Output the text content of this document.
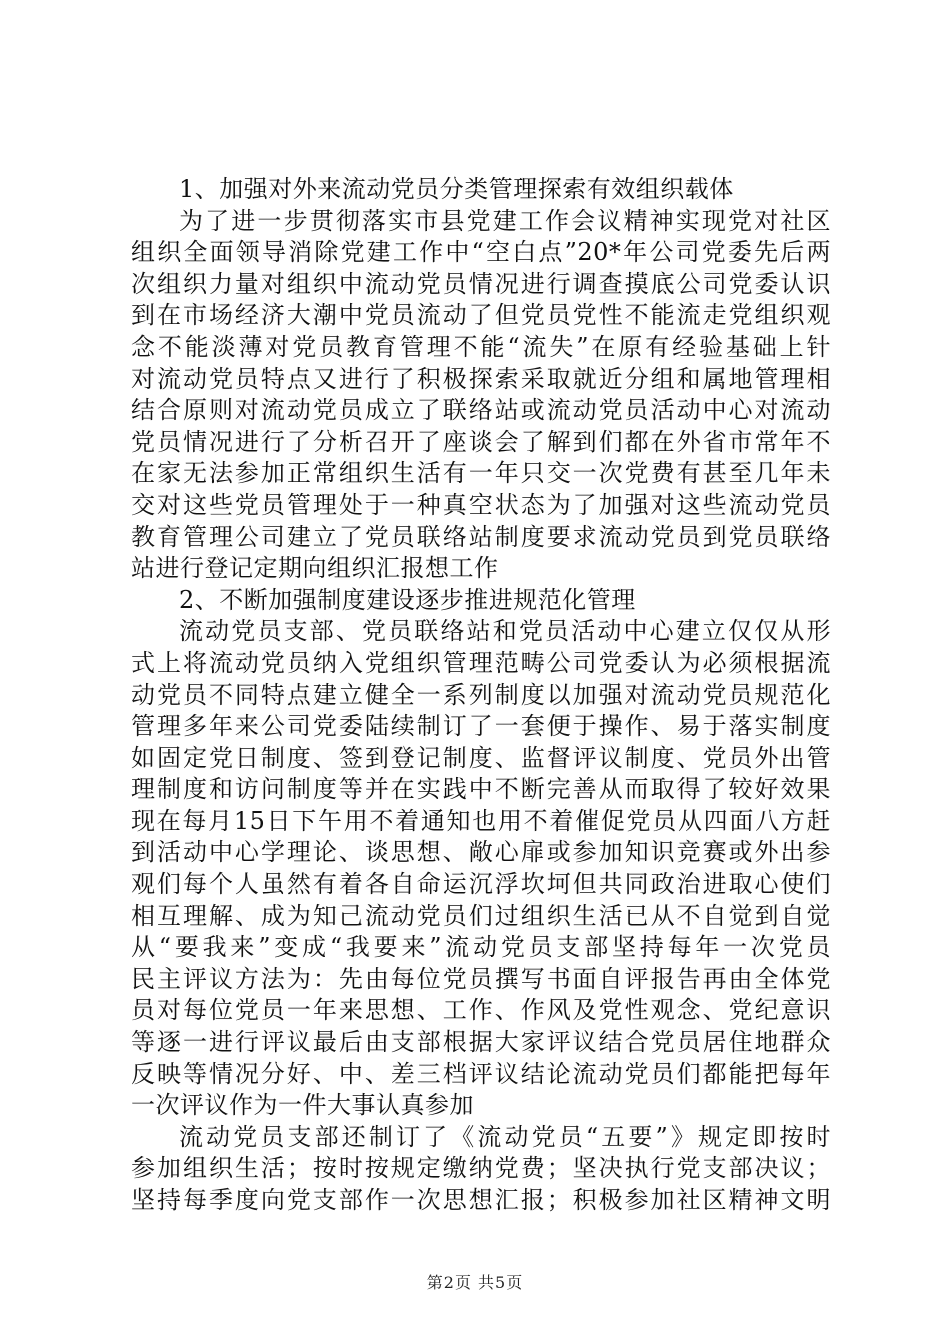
1、加强对外来流动党员分类管理探索有效组织载体
为了进一步贯彻落实市县党建工作会议精神实现党对社区
组织全面领导消除党建工作中“空白点”20*年公司党委先后两
次组织力量对组织中流动党员情况进行调查摸底公司党委认识
到在市场经济大潮中党员流动了但党员党性不能流走党组织观
念不能淡薄对党员教育管理不能“流失”在原有经验基础上针
对流动党员特点又进行了积极探索采取就近分组和属地管理相
结合原则对流动党员成立了联络站或流动党员活动中心对流动
党员情况进行了分析召开了座谈会了解到们都在外省市常年不
在家无法参加正常组织生活有一年只交一次党费有甚至几年未
交对这些党员管理处于一种真空状态为了加强对这些流动党员
教育管理公司建立了党员联络站制度要求流动党员到党员联络
站进行登记定期向组织汇报想工作
2、不断加强制度建设逐步推进规范化管理
流动党员支部、党员联络站和党员活动中心建立仅仅从形
式上将流动党员纳入党组织管理范畴公司党委认为必须根据流
动党员不同特点建立健全一系列制度以加强对流动党员规范化
管理多年来公司党委陆续制订了一套便于操作、易于落实制度
如固定党日制度、签到登记制度、监督评议制度、党员外出管
理制度和访问制度等并在实践中不断完善从而取得了较好效果
现在每月15日下午用不着通知也用不着催促党员从四面八方赶
到活动中心学理论、谈思想、敞心扉或参加知识竞赛或外出参
观们每个人虽然有着各自命运沉浮坎坷但共同政治进取心使们
相互理解、成为知己流动党员们过组织生活已从不自觉到自觉
从“要我来”变成“我要来”流动党员支部坚持每年一次党员
民主评议方法为：先由每位党员撰写书面自评报告再由全体党
员对每位党员一年来思想、工作、作风及党性观念、党纪意识
等逐一进行评议最后由支部根据大家评议结合党员居住地群众
反映等情况分好、中、差三档评议结论流动党员们都能把每年
一次评议作为一件大事认真参加
流动党员支部还制订了《流动党员“五要”》规定即按时
参加组织生活；按时按规定缴纳党费；坚决执行党支部决议；
坚持每季度向党支部作一次思想汇报；积极参加社区精神文明
第2页 共5页
